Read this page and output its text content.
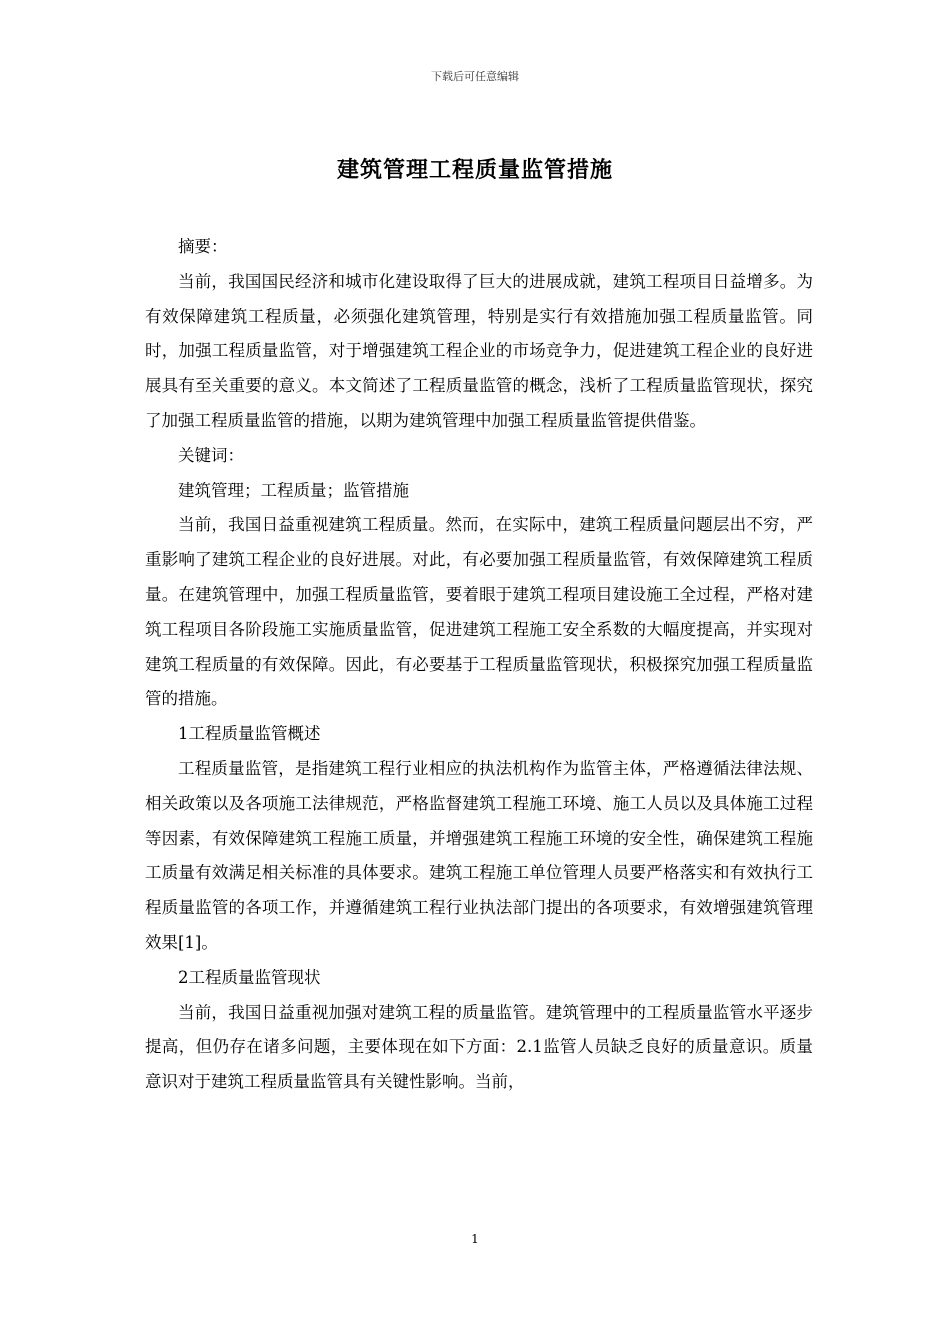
下载后可任意编辑
建筑管理工程质量监管措施

摘要：

当前，我国国民经济和城市化建设取得了巨大的进展成就，建筑工程项目日益增多。为有效保障建筑工程质量，必须强化建筑管理，特别是实行有效措施加强工程质量监管。同时，加强工程质量监管，对于增强建筑工程企业的市场竞争力，促进建筑工程企业的良好进展具有至关重要的意义。本文简述了工程质量监管的概念，浅析了工程质量监管现状，探究了加强工程质量监管的措施，以期为建筑管理中加强工程质量监管提供借鉴。

关键词：

建筑管理；工程质量；监管措施

当前，我国日益重视建筑工程质量。然而，在实际中，建筑工程质量问题层出不穷，严重影响了建筑工程企业的良好进展。对此，有必要加强工程质量监管，有效保障建筑工程质量。在建筑管理中，加强工程质量监管，要着眼于建筑工程项目建设施工全过程，严格对建筑工程项目各阶段施工实施质量监管，促进建筑工程施工安全系数的大幅度提高，并实现对建筑工程质量的有效保障。因此，有必要基于工程质量监管现状，积极探究加强工程质量监管的措施。

1工程质量监管概述

工程质量监管，是指建筑工程行业相应的执法机构作为监管主体，严格遵循法律法规、相关政策以及各项施工法律规范，严格监督建筑工程施工环境、施工人员以及具体施工过程等因素，有效保障建筑工程施工质量，并增强建筑工程施工环境的安全性，确保建筑工程施工质量有效满足相关标准的具体要求。建筑工程施工单位管理人员要严格落实和有效执行工程质量监管的各项工作，并遵循建筑工程行业执法部门提出的各项要求，有效增强建筑管理效果[1]。

2工程质量监管现状

当前，我国日益重视加强对建筑工程的质量监管。建筑管理中的工程质量监管水平逐步提高，但仍存在诸多问题，主要体现在如下方面：2.1监管人员缺乏良好的质量意识。质量意识对于建筑工程质量监管具有关键性影响。当前，

1
